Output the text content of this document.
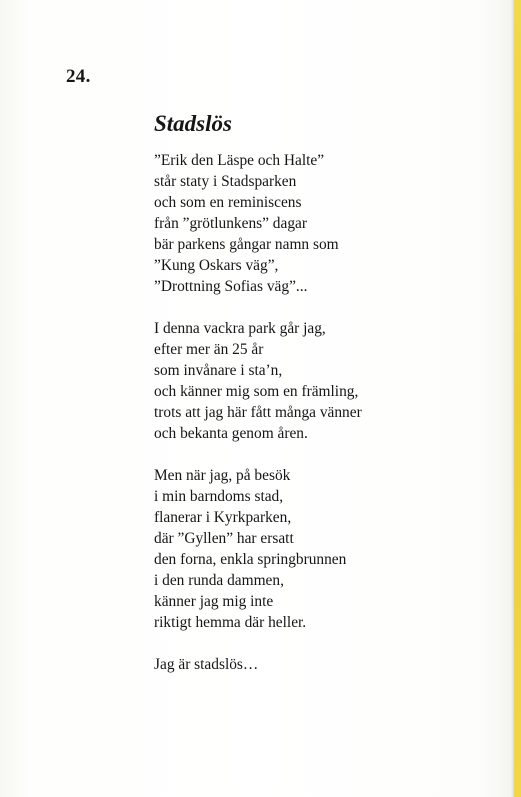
24.
Stadslös
”Erik den Läspe och Halte”
står staty i Stadsparken
och som en reminiscens
från ”grötlunkens” dagar
bär parkens gångar namn som
”Kung Oskars väg”,
”Drottning Sofias väg”...
I denna vackra park går jag,
efter mer än 25 år
som invånare i sta’n,
och känner mig som en främling,
trots att jag här fått många vänner
och bekanta genom åren.
Men när jag, på besök
i min barndoms stad,
flanerar i Kyrkparken,
där ”Gyllen” har ersatt
den forna, enkla springbrunnen
i den runda dammen,
känner jag mig inte
riktigt hemma där heller.
Jag är stadslös…
